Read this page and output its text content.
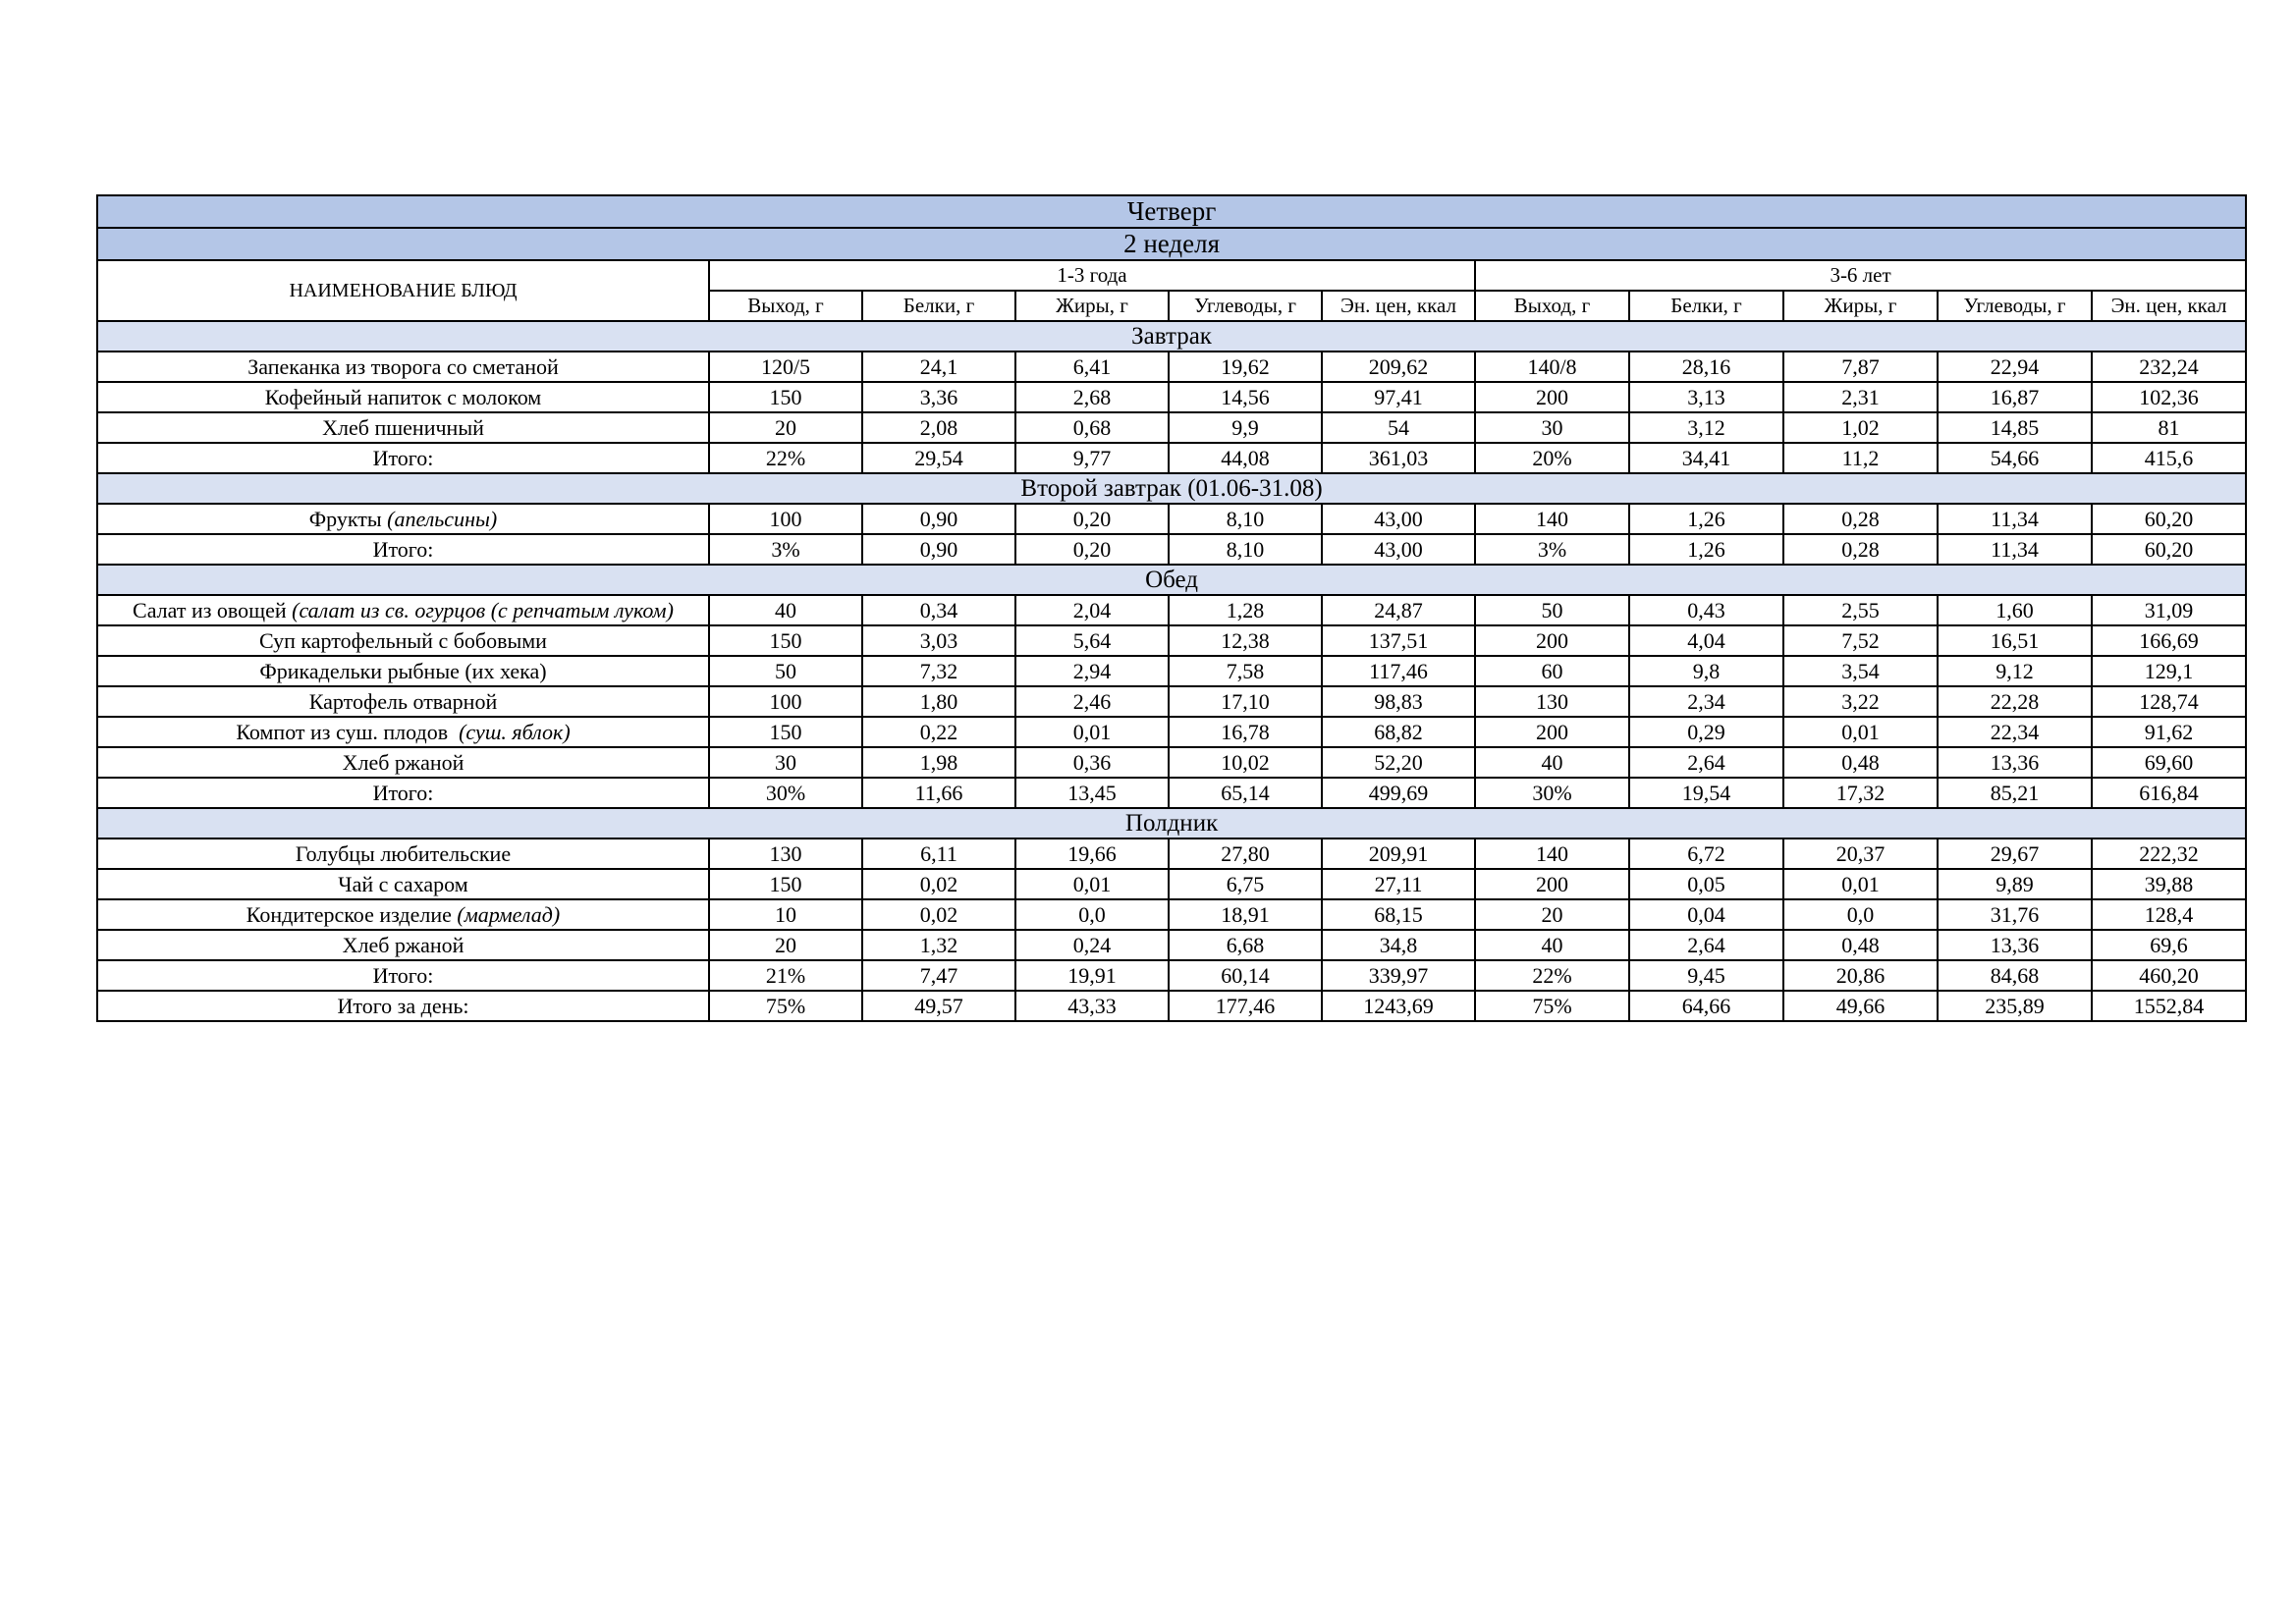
Четверг										
2 неделя										
НАИМЕНОВАНИЕ БЛЮД	1-3 года					3-6 лет				
	Выход, г	Белки, г	Жиры, г	Углеводы, г	Эн. цен, ккал	Выход, г	Белки, г	Жиры, г	Углеводы, г	Эн. цен, ккал
Завтрак										
Запеканка из творога со сметаной	120/5	24,1	6,41	19,62	209,62	140/8	28,16	7,87	22,94	232,24
Кофейный напиток с молоком	150	3,36	2,68	14,56	97,41	200	3,13	2,31	16,87	102,36
Хлеб пшеничный	20	2,08	0,68	9,9	54	30	3,12	1,02	14,85	81
Итого:	22%	29,54	9,77	44,08	361,03	20%	34,41	11,2	54,66	415,6
Второй завтрак (01.06-31.08)										
Фрукты (апельсины)	100	0,90	0,20	8,10	43,00	140	1,26	0,28	11,34	60,20
Итого:	3%	0,90	0,20	8,10	43,00	3%	1,26	0,28	11,34	60,20
Обед										
Салат из овощей (салат из св. огурцов (с репчатым луком)	40	0,34	2,04	1,28	24,87	50	0,43	2,55	1,60	31,09
Суп картофельный с бобовыми	150	3,03	5,64	12,38	137,51	200	4,04	7,52	16,51	166,69
Фрикадельки рыбные (их хека)	50	7,32	2,94	7,58	117,46	60	9,8	3,54	9,12	129,1
Картофель отварной	100	1,80	2,46	17,10	98,83	130	2,34	3,22	22,28	128,74
Компот из суш. плодов  (суш. яблок)	150	0,22	0,01	16,78	68,82	200	0,29	0,01	22,34	91,62
Хлеб ржаной	30	1,98	0,36	10,02	52,20	40	2,64	0,48	13,36	69,60
Итого:	30%	11,66	13,45	65,14	499,69	30%	19,54	17,32	85,21	616,84
Полдник										
Голубцы любительские	130	6,11	19,66	27,80	209,91	140	6,72	20,37	29,67	222,32
Чай с сахаром	150	0,02	0,01	6,75	27,11	200	0,05	0,01	9,89	39,88
Кондитерское изделие (мармелад)	10	0,02	0,0	18,91	68,15	20	0,04	0,0	31,76	128,4
Хлеб ржаной	20	1,32	0,24	6,68	34,8	40	2,64	0,48	13,36	69,6
Итого:	21%	7,47	19,91	60,14	339,97	22%	9,45	20,86	84,68	460,20
Итого за день:	75%	49,57	43,33	177,46	1243,69	75%	64,66	49,66	235,89	1552,84
